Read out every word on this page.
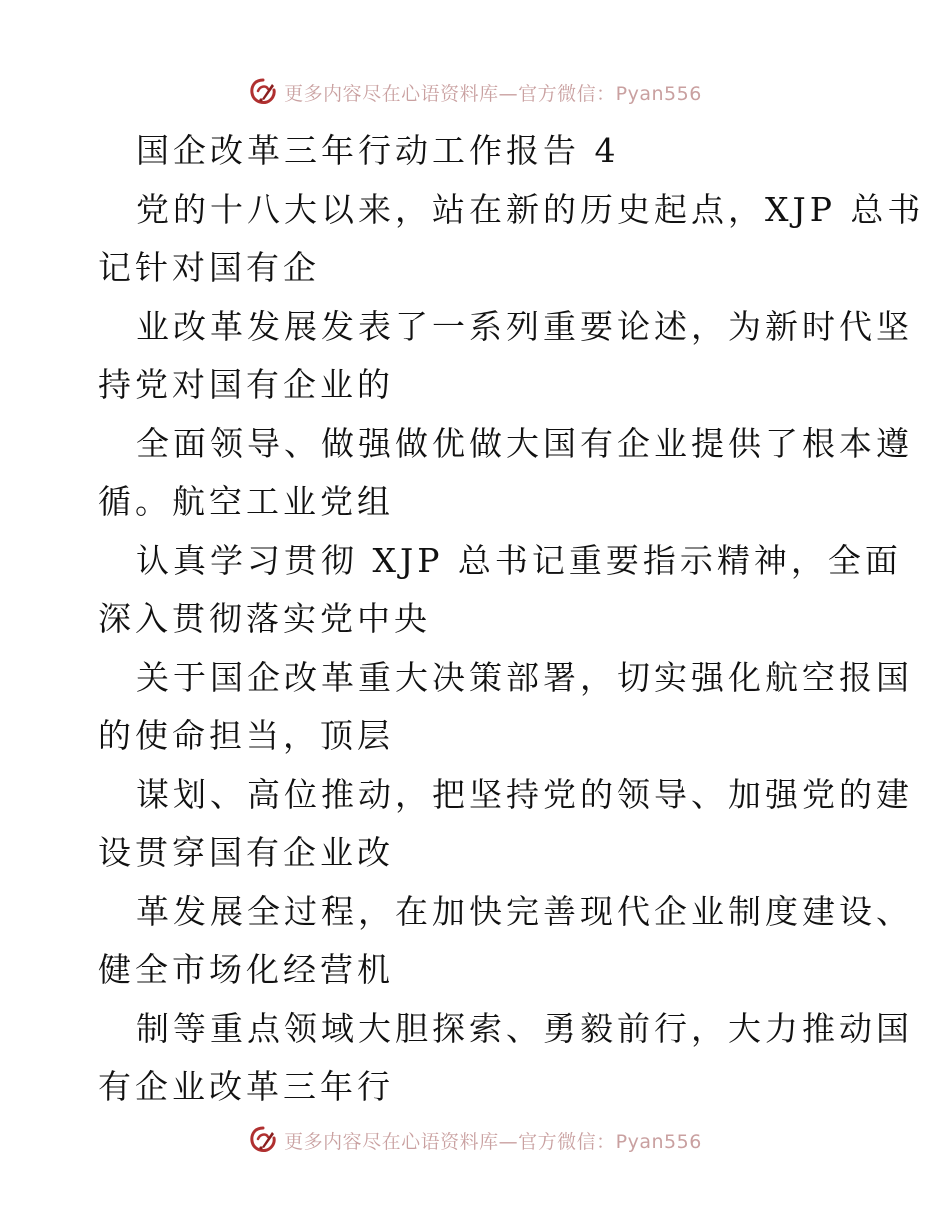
更多内容尽在心语资料库—官方微信：Pyan556
国企改革三年行动工作报告 4
党的十八大以来，站在新的历史起点，XJP 总书
记针对国有企
业改革发展发表了一系列重要论述，为新时代坚
持党对国有企业的
全面领导、做强做优做大国有企业提供了根本遵
循。航空工业党组
认真学习贯彻 XJP 总书记重要指示精神，全面
深入贯彻落实党中央
关于国企改革重大决策部署，切实强化航空报国
的使命担当，顶层
谋划、高位推动，把坚持党的领导、加强党的建
设贯穿国有企业改
革发展全过程，在加快完善现代企业制度建设、
健全市场化经营机
制等重点领域大胆探索、勇毅前行，大力推动国
有企业改革三年行
更多内容尽在心语资料库—官方微信：Pyan556
